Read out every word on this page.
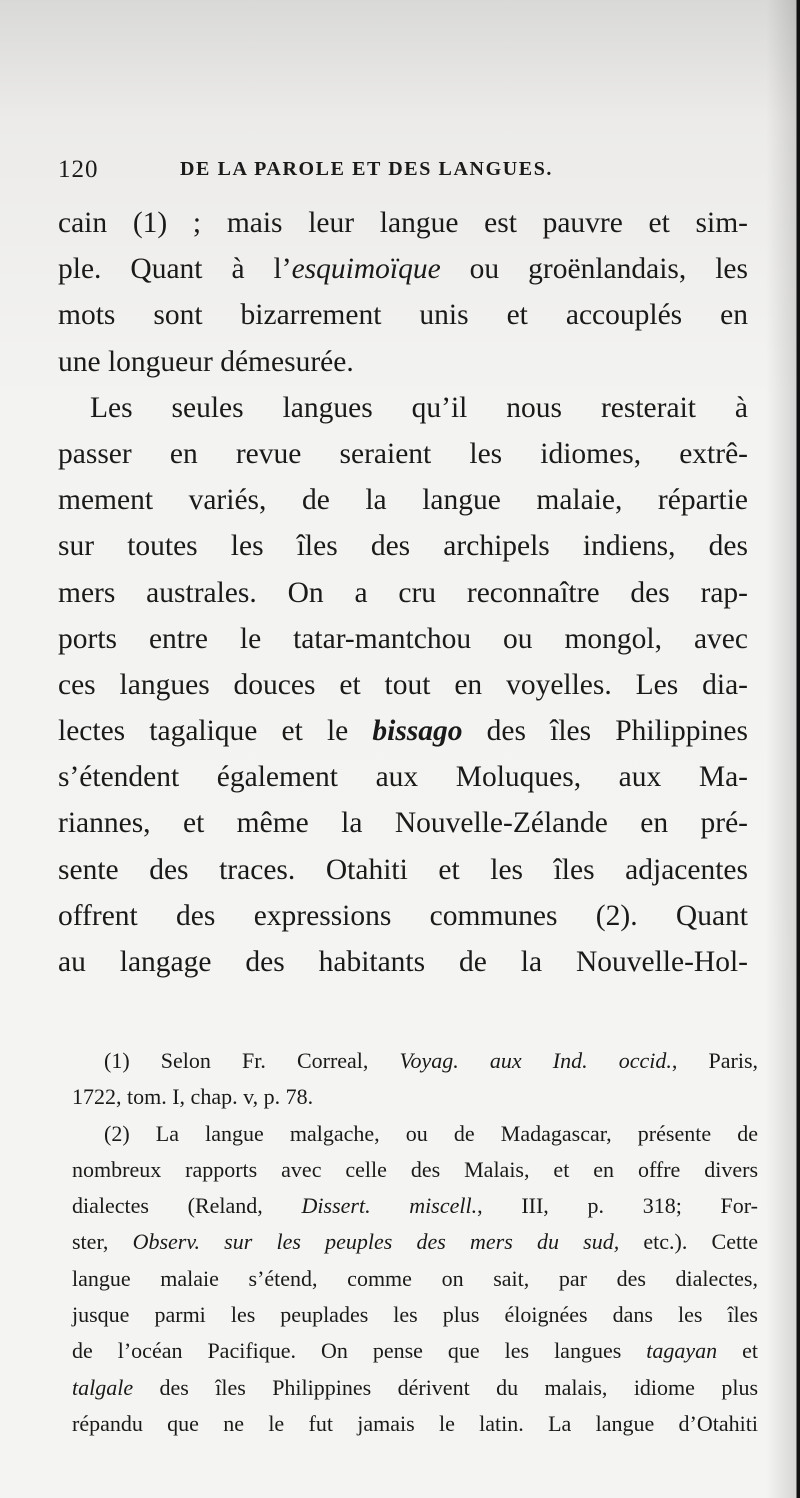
120	DE LA PAROLE ET DES LANGUES.
cain (1) ; mais leur langue est pauvre et sim-
ple. Quant à l’esquimoïque ou groënlandais, les
mots sont bizarrement unis et accouplés en
une longueur démesurée.
Les seules langues qu’il nous resterait à
passer en revue seraient les idiomes, extrê-
mement variés, de la langue malaie, répartie
sur toutes les îles des archipels indiens, des
mers australes. On a cru reconnaître des rap-
ports entre le tatar-mantchou ou mongol, avec
ces langues douces et tout en voyelles. Les dia-
lectes tagalique et le bissago des îles Philippines
s’étendent également aux Moluques, aux Ma-
riannes, et même la Nouvelle-Zélande en pré-
sente des traces. Otahiti et les îles adjacentes
offrent des expressions communes (2). Quant
au langage des habitants de la Nouvelle-Hol-
(1) Selon Fr. Correal, Voyag. aux Ind. occid., Paris,
1722, tom. I, chap. v, p. 78.
(2) La langue malgache, ou de Madagascar, présente de
nombreux rapports avec celle des Malais, et en offre divers
dialectes (Reland, Dissert. miscell., III, p. 318; For-
ster, Observ. sur les peuples des mers du sud, etc.). Cette
langue malaie s’étend, comme on sait, par des dialectes,
jusque parmi les peuplades les plus éloignées dans les îles
de l’océan Pacifique. On pense que les langues tagayan et
talgale des îles Philippines dérivent du malais, idiome plus
répandu que ne le fut jamais le latin. La langue d’Otahiti
